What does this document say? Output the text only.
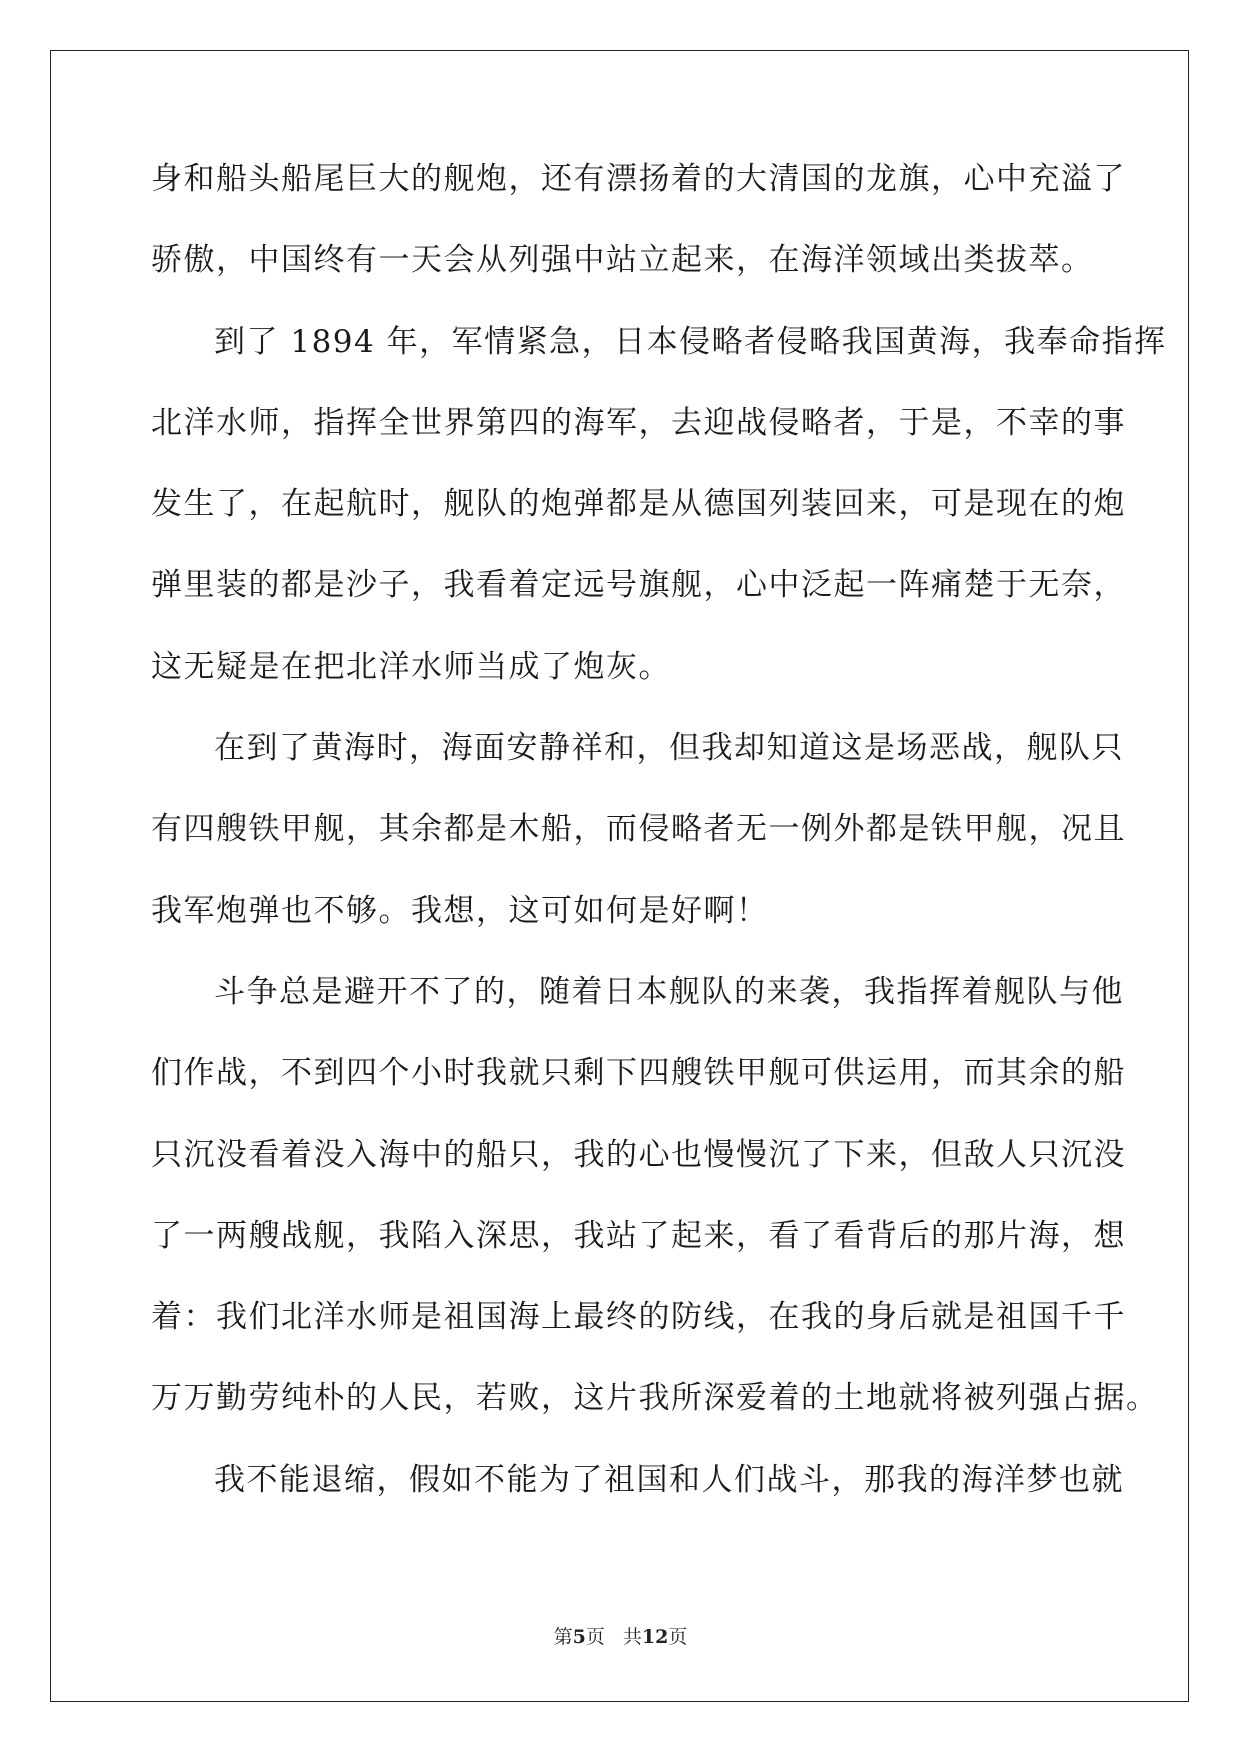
身和船头船尾巨大的舰炮，还有漂扬着的大清国的龙旗，心中充溢了
骄傲，中国终有一天会从列强中站立起来，在海洋领域出类拔萃。
到了 1894 年，军情紧急，日本侵略者侵略我国黄海，我奉命指挥
北洋水师，指挥全世界第四的海军，去迎战侵略者，于是，不幸的事
发生了，在起航时，舰队的炮弹都是从德国列装回来，可是现在的炮
弹里装的都是沙子，我看着定远号旗舰，心中泛起一阵痛楚于无奈，
这无疑是在把北洋水师当成了炮灰。
在到了黄海时，海面安静祥和，但我却知道这是场恶战，舰队只
有四艘铁甲舰，其余都是木船，而侵略者无一例外都是铁甲舰，况且
我军炮弹也不够。我想，这可如何是好啊！
斗争总是避开不了的，随着日本舰队的来袭，我指挥着舰队与他
们作战，不到四个小时我就只剩下四艘铁甲舰可供运用，而其余的船
只沉没看着没入海中的船只，我的心也慢慢沉了下来，但敌人只沉没
了一两艘战舰，我陷入深思，我站了起来，看了看背后的那片海，想
着：我们北洋水师是祖国海上最终的防线，在我的身后就是祖国千千
万万勤劳纯朴的人民，若败，这片我所深爱着的土地就将被列强占据。
我不能退缩，假如不能为了祖国和人们战斗，那我的海洋梦也就
第5页 共12页
